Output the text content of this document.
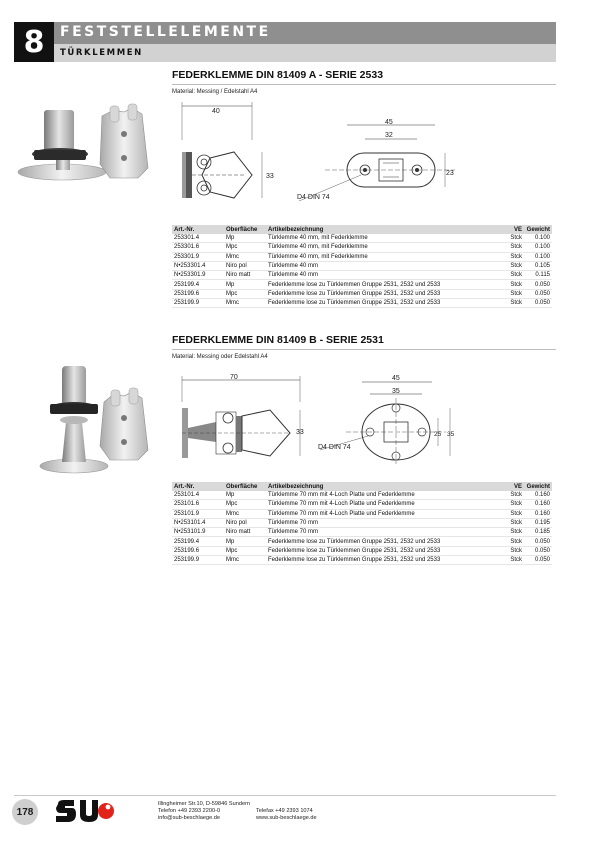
8	FESTSTELLELEMENTE
TÜRKLEMMEN
FEDERKLEMME DIN 81409 A - SERIE 2533
Material: Messing / Edelstahl A4
40
33
45
32
23
D4 DIN 74
Art.-Nr.	Oberfläche	Artikelbezeichnung	VE	Gewicht
253301.4	Mp	Türklemme 40 mm, mit Federklemme	Stck	0.100
253301.6	Mpc	Türklemme 40 mm, mit Federklemme	Stck	0.100
253301.9	Mmc	Türklemme 40 mm, mit Federklemme	Stck	0.100
N•253301.4	Niro pol	Türklemme 40 mm	Stck	0.105
N•253301.9	Niro matt	Türklemme 40 mm	Stck	0.115
253199.4	Mp	Federklemme lose zu Türklemmen Gruppe 2531, 2532 und 2533	Stck	0.050
253199.6	Mpc	Federklemme lose zu Türklemmen Gruppe 2531, 2532 und 2533	Stck	0.050
253199.9	Mmc	Federklemme lose zu Türklemmen Gruppe 2531, 2532 und 2533	Stck	0.050
FEDERKLEMME DIN 81409 B - SERIE 2531
Material: Messing oder Edelstahl A4
70
33
45
35
25 35
D4 DIN 74
Art.-Nr.	Oberfläche	Artikelbezeichnung	VE	Gewicht
253101.4	Mp	Türklemme 70 mm mit 4-Loch Platte und Federklemme	Stck	0.160
253101.6	Mpc	Türklemme 70 mm mit 4-Loch Platte und Federklemme	Stck	0.160
253101.9	Mmc	Türklemme 70 mm mit 4-Loch Platte und Federklemme	Stck	0.160
N•253101.4	Niro pol	Türklemme 70 mm	Stck	0.195
N•253101.9	Niro matt	Türklemme 70 mm	Stck	0.185
253199.4	Mp	Federklemme lose zu Türklemmen Gruppe 2531, 2532 und 2533	Stck	0.050
253199.6	Mpc	Federklemme lose zu Türklemmen Gruppe 2531, 2532 und 2533	Stck	0.050
253199.9	Mmc	Federklemme lose zu Türklemmen Gruppe 2531, 2532 und 2533	Stck	0.050
178
Illingheimer Str.10, D-59846 Sundern
Telefon +49 2393 2200-0	Telefax +49 2393 1074
info@sub-beschlaege.de	www.sub-beschlaege.de
